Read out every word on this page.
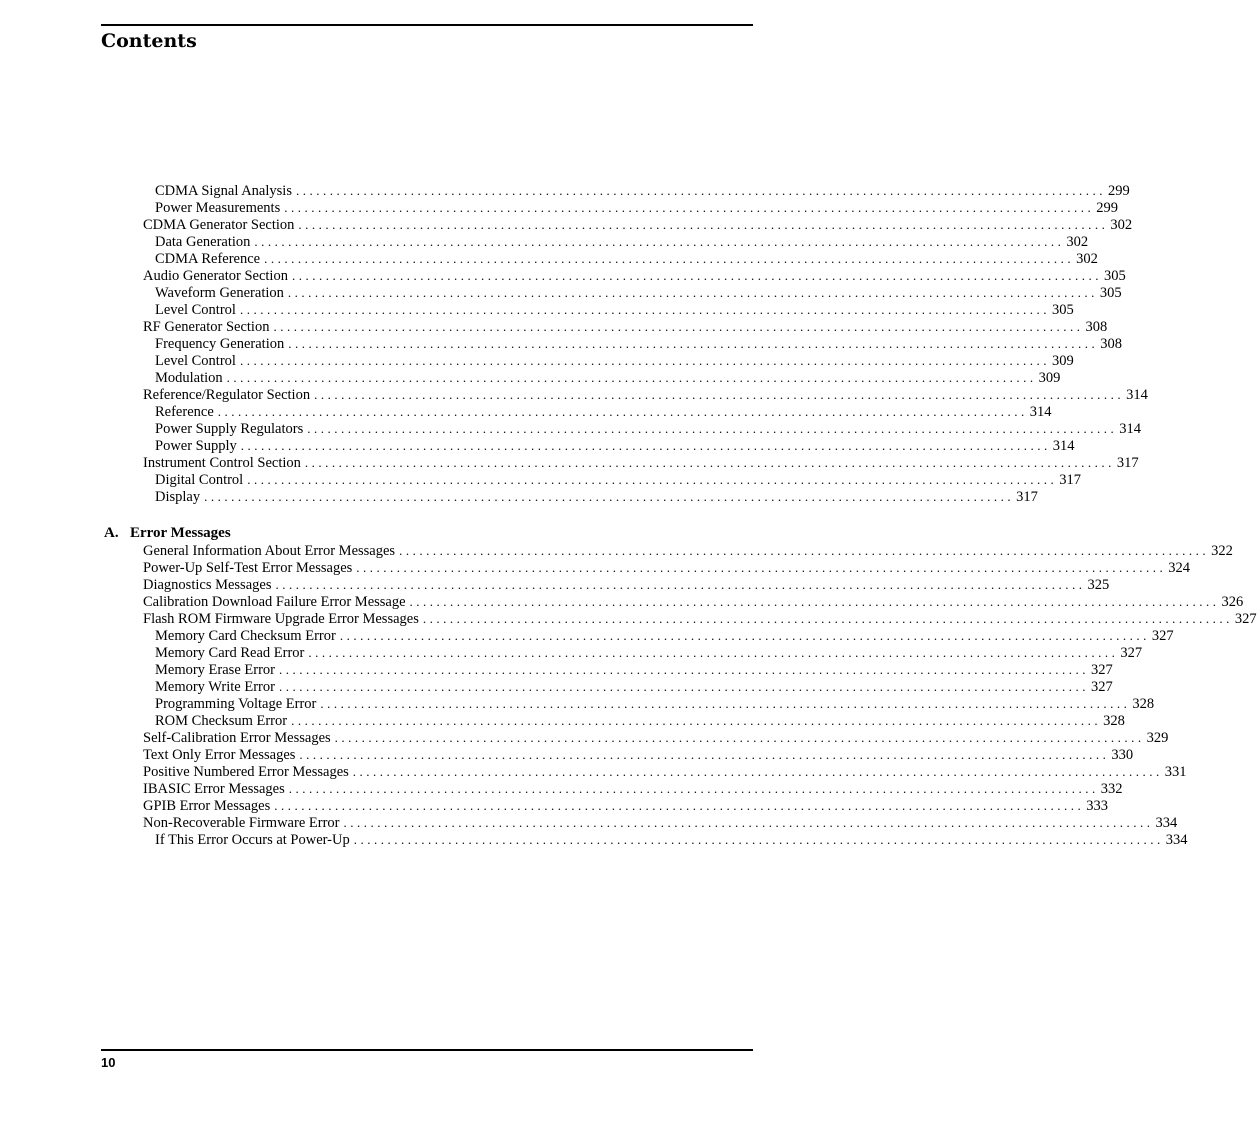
Contents
CDMA Signal Analysis ........................................................................................................................ 299
Power Measurements ........................................................................................................................ 299
CDMA Generator Section ........................................................................................................................ 302
Data Generation ........................................................................................................................ 302
CDMA Reference ........................................................................................................................ 302
Audio Generator Section ........................................................................................................................ 305
Waveform Generation ........................................................................................................................ 305
Level Control ........................................................................................................................ 305
RF Generator Section ........................................................................................................................ 308
Frequency Generation ........................................................................................................................ 308
Level Control ........................................................................................................................ 309
Modulation ........................................................................................................................ 309
Reference/Regulator Section ........................................................................................................................ 314
Reference ........................................................................................................................ 314
Power Supply Regulators ........................................................................................................................ 314
Power Supply ........................................................................................................................ 314
Instrument Control Section ........................................................................................................................ 317
Digital Control ........................................................................................................................ 317
Display ........................................................................................................................ 317
A. Error Messages
General Information About Error Messages ........................................................................................................................ 322
Power-Up Self-Test Error Messages ........................................................................................................................ 324
Diagnostics Messages ........................................................................................................................ 325
Calibration Download Failure Error Message ........................................................................................................................ 326
Flash ROM Firmware Upgrade Error Messages ........................................................................................................................ 327
Memory Card Checksum Error ........................................................................................................................ 327
Memory Card Read Error ........................................................................................................................ 327
Memory Erase Error ........................................................................................................................ 327
Memory Write Error ........................................................................................................................ 327
Programming Voltage Error ........................................................................................................................ 328
ROM Checksum Error ........................................................................................................................ 328
Self-Calibration Error Messages ........................................................................................................................ 329
Text Only Error Messages ........................................................................................................................ 330
Positive Numbered Error Messages ........................................................................................................................ 331
IBASIC Error Messages ........................................................................................................................ 332
GPIB Error Messages ........................................................................................................................ 333
Non-Recoverable Firmware Error ........................................................................................................................ 334
If This Error Occurs at Power-Up ........................................................................................................................ 334
10
